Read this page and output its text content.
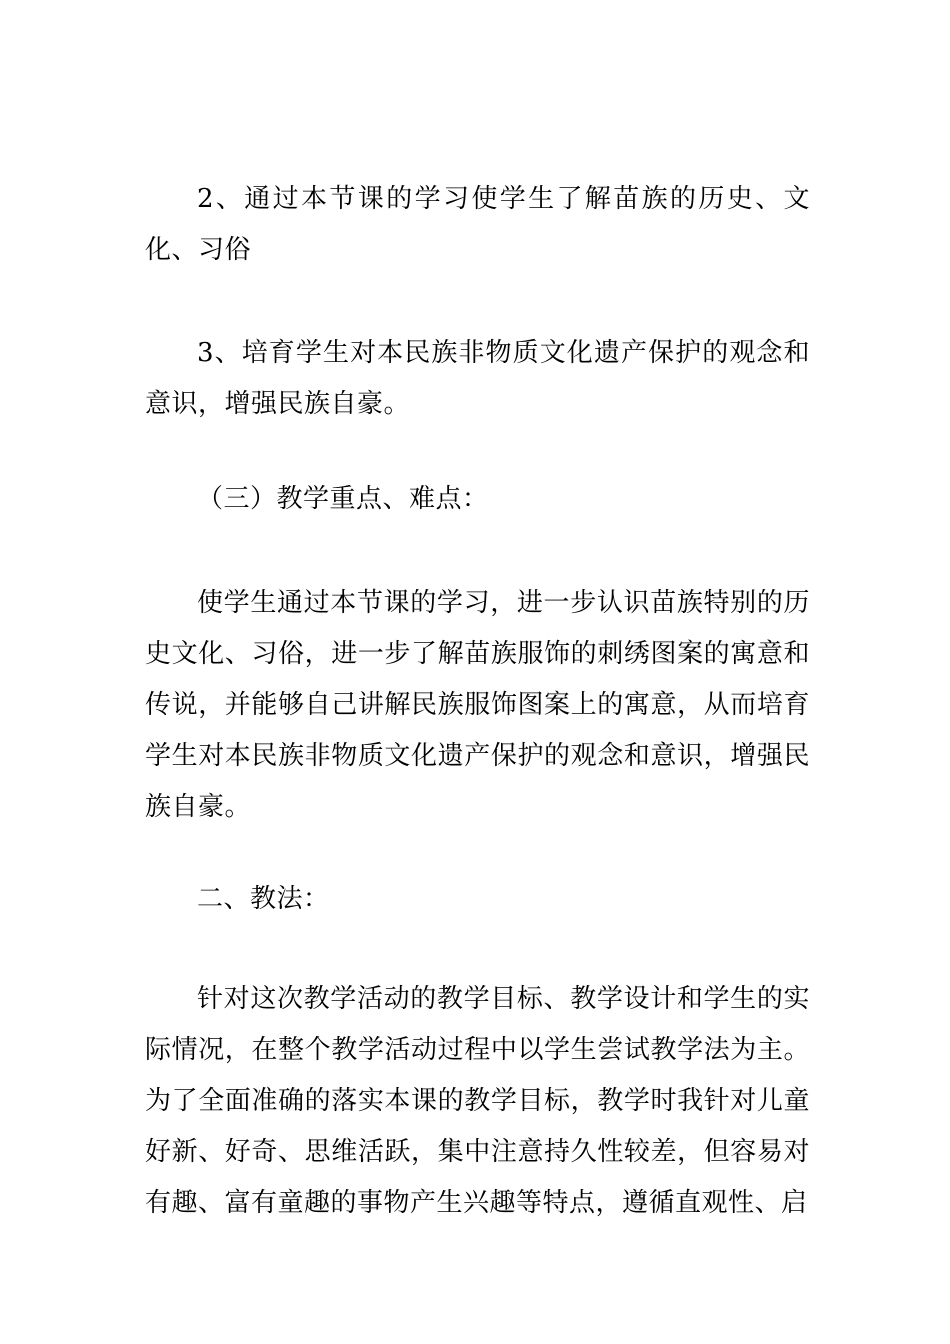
2、通过本节课的学习使学生了解苗族的历史、文化、习俗

3、培育学生对本民族非物质文化遗产保护的观念和意识，增强民族自豪。

（三）教学重点、难点：

使学生通过本节课的学习，进一步认识苗族特别的历史文化、习俗，进一步了解苗族服饰的刺绣图案的寓意和传说，并能够自己讲解民族服饰图案上的寓意，从而培育学生对本民族非物质文化遗产保护的观念和意识，增强民族自豪。

二、教法：

针对这次教学活动的教学目标、教学设计和学生的实际情况，在整个教学活动过程中以学生尝试教学法为主。为了全面准确的落实本课的教学目标，教学时我针对儿童好新、好奇、思维活跃，集中注意持久性较差，但容易对有趣、富有童趣的事物产生兴趣等特点，遵循直观性、启
